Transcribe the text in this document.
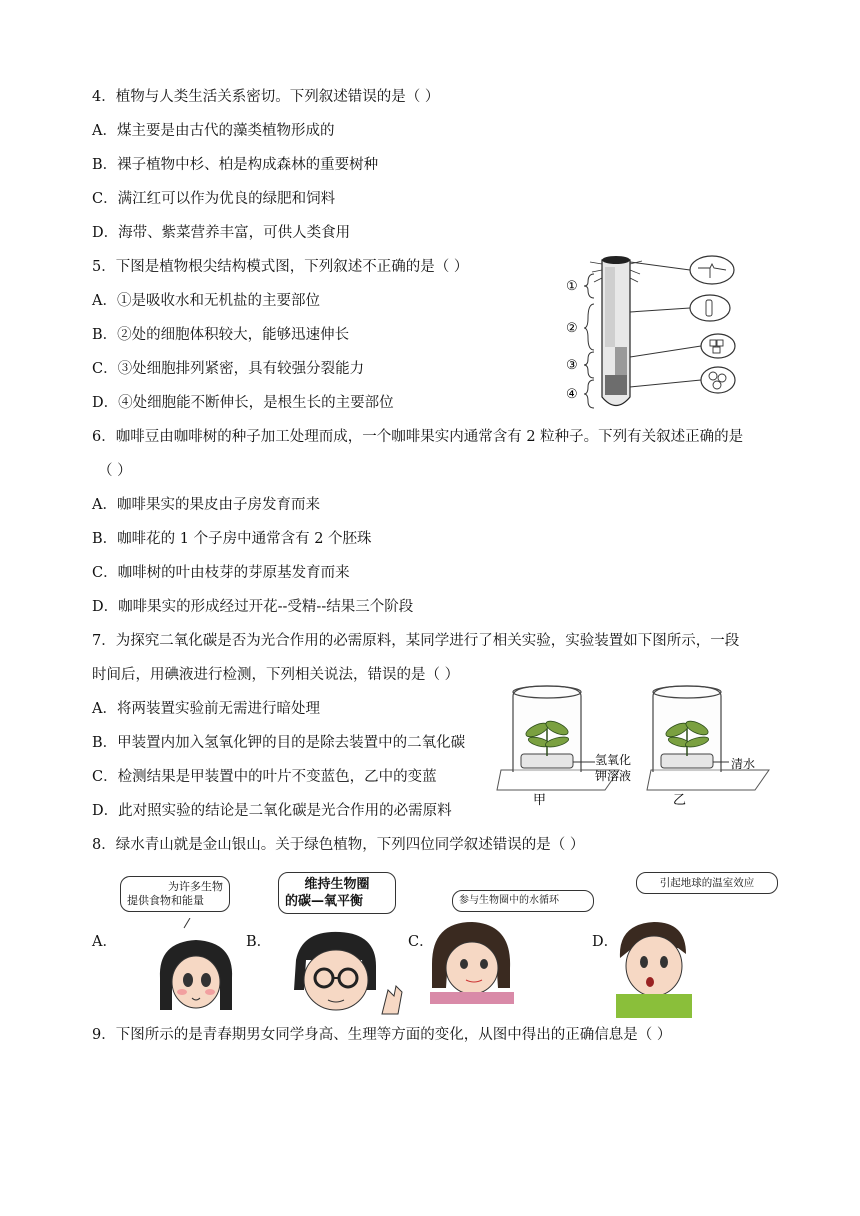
4．植物与人类生活关系密切。下列叙述错误的是（ ）
A．煤主要是由古代的藻类植物形成的
B．裸子植物中杉、柏是构成森林的重要树种
C．满江红可以作为优良的绿肥和饲料
D．海带、紫菜营养丰富，可供人类食用
5．下图是植物根尖结构模式图，下列叙述不正确的是（ ）
A．①是吸收水和无机盐的主要部位
B．②处的细胞体积较大，能够迅速伸长
C．③处细胞排列紧密，具有较强分裂能力
D．④处细胞能不断伸长，是根生长的主要部位
①
②
③
④
6．咖啡豆由咖啡树的种子加工处理而成，一个咖啡果实内通常含有 2 粒种子。下列有关叙述正确的是
（ ）
A．咖啡果实的果皮由子房发育而来
B．咖啡花的 1 个子房中通常含有 2 个胚珠
C．咖啡树的叶由枝芽的芽原基发育而来
D．咖啡果实的形成经过开花--受精--结果三个阶段
7．为探究二氧化碳是否为光合作用的必需原料，某同学进行了相关实验，实验装置如下图所示，一段
时间后，用碘液进行检测，下列相关说法，错误的是（ ）
A．将两装置实验前无需进行暗处理
B．甲装置内加入氢氧化钾的目的是除去装置中的二氧化碳
C．检测结果是甲装置中的叶片不变蓝色，乙中的变蓝
D．此对照实验的结论是二氧化碳是光合作用的必需原料
氢氧化
钾溶液
清水
甲	乙
8．绿水青山就是金山银山。关于绿色植物，下列四位同学叙述错误的是（ ）
为许多生物
提供食物和能量
维持生物圈
的碳—氧平衡	参与生物圈中的水循环
引起地球的温室效应
A．	B．	C．	D．
9．下图所示的是青春期男女同学身高、生理等方面的变化，从图中得出的正确信息是（ ）
